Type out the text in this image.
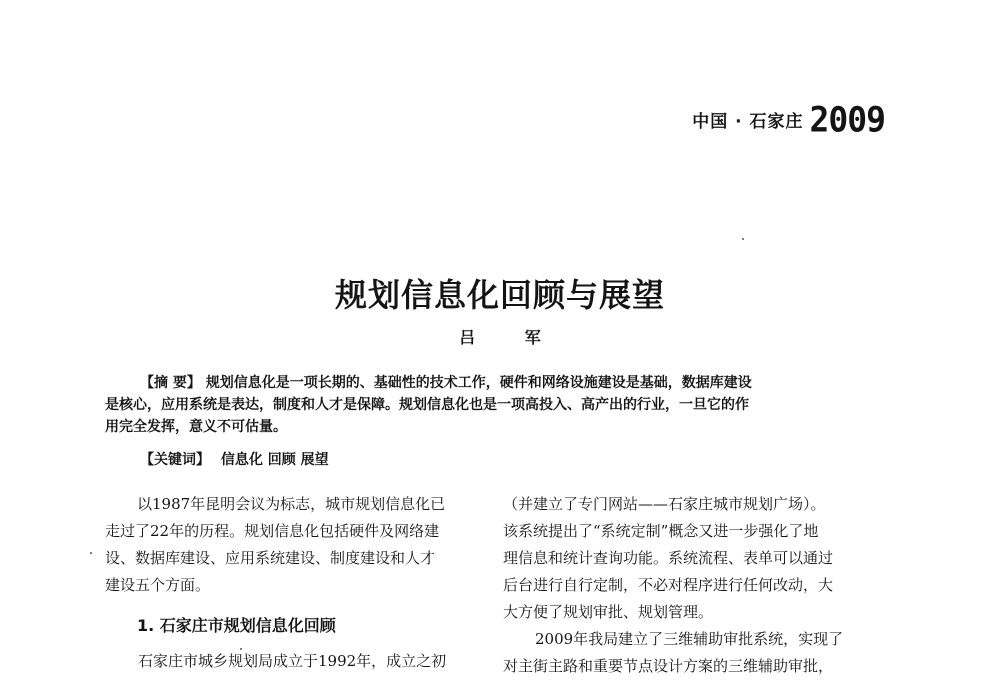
中国 · 石家庄 2009
规划信息化回顾与展望
吕 军
【摘 要】 规划信息化是一项长期的、基础性的技术工作，硬件和网络设施建设是基础，数据库建设
是核心，应用系统是表达，制度和人才是保障。规划信息化也是一项高投入、高产出的行业，一旦它的作
用完全发挥，意义不可估量。
【关键词】 信息化 回顾 展望
以1987年昆明会议为标志，城市规划信息化已
走过了22年的历程。规划信息化包括硬件及网络建
设、数据库建设、应用系统建设、制度建设和人才
建设五个方面。
1. 石家庄市规划信息化回顾
石家庄市城乡规划局成立于1992年，成立之初
（并建立了专门网站——石家庄城市规划广场）。
该系统提出了“系统定制”概念又进一步强化了地
理信息和统计查询功能。系统流程、表单可以通过
后台进行自行定制，不必对程序进行任何改动，大
大方便了规划审批、规划管理。
2009年我局建立了三维辅助审批系统，实现了
对主街主路和重要节点设计方案的三维辅助审批，
